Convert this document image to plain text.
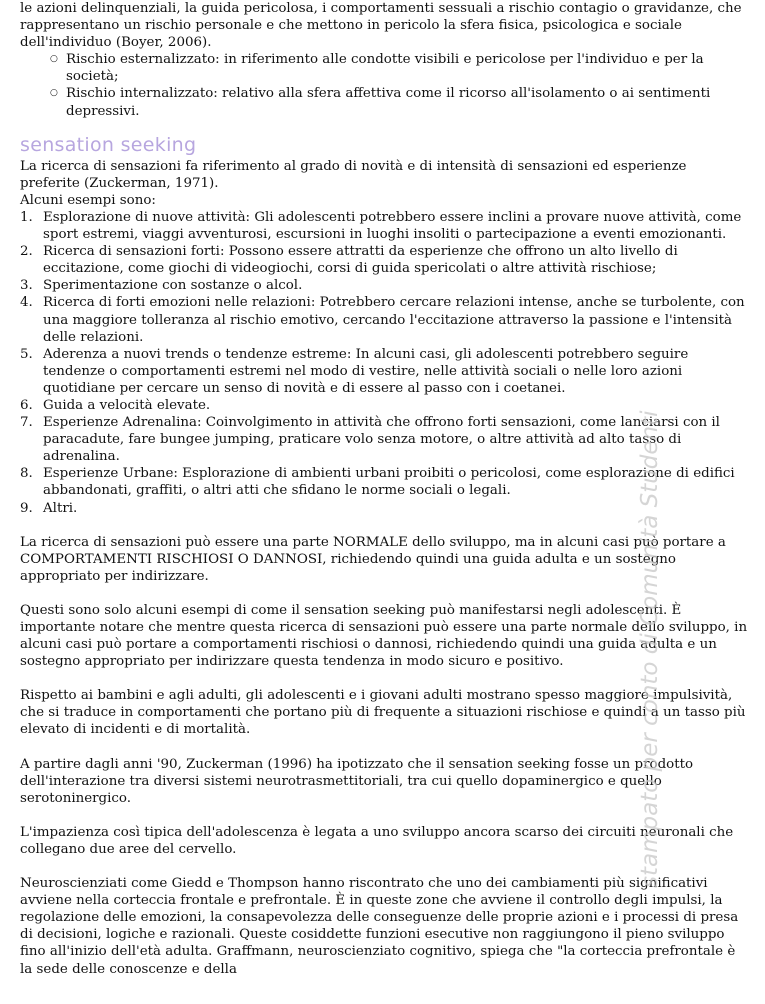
le azioni delinquenziali, la guida pericolosa, i comportamenti sessuali a rischio contagio o gravidanze, che rappresentano un rischio personale e che mettono in pericolo la sfera fisica, psicologica e sociale dell'individuo (Boyer, 2006).

○ Rischio esternalizzato: in riferimento alle condotte visibili e pericolose per l'individuo e per la società;
○ Rischio internalizzato: relativo alla sfera affettiva come il ricorso all'isolamento o ai sentimenti depressivi.
sensation seeking

La ricerca di sensazioni fa riferimento al grado di novità e di intensità di sensazioni ed esperienze preferite (Zuckerman, 1971).

Alcuni esempi sono:

1. Esplorazione di nuove attività: Gli adolescenti potrebbero essere inclini a provare nuove attività, come sport estremi, viaggi avventurosi, escursioni in luoghi insoliti o partecipazione a eventi emozionanti.
2. Ricerca di sensazioni forti: Possono essere attratti da esperienze che offrono un alto livello di eccitazione, come giochi di videogiochi, corsi di guida spericolati o altre attività rischiose;
3. Sperimentazione con sostanze o alcol.
4. Ricerca di forti emozioni nelle relazioni: Potrebbero cercare relazioni intense, anche se turbolente, con una maggiore tolleranza al rischio emotivo, cercando l'eccitazione attraverso la passione e l'intensità delle relazioni.
5. Aderenza a nuovi trends o tendenze estreme: In alcuni casi, gli adolescenti potrebbero seguire tendenze o comportamenti estremi nel modo di vestire, nelle attività sociali o nelle loro azioni quotidiane per cercare un senso di novità e di essere al passo con i coetanei.
6. Guida a velocità elevate.
7. Esperienze Adrenalina: Coinvolgimento in attività che offrono forti sensazioni, come lanciarsi con il paracadute, fare bungee jumping, praticare volo senza motore, o altre attività ad alto tasso di adrenalina.
8. Esperienze Urbane: Esplorazione di ambienti urbani proibiti o pericolosi, come esplorazione di edifici abbandonati, graffiti, o altri atti che sfidano le norme sociali o legali.
9. Altri.

La ricerca di sensazioni può essere una parte NORMALE dello sviluppo, ma in alcuni casi può portare a COMPORTAMENTI RISCHIOSI O DANNOSI, richiedendo quindi una guida adulta e un sostegno appropriato per indirizzare.

Questi sono solo alcuni esempi di come il sensation seeking può manifestarsi negli adolescenti. È importante notare che mentre questa ricerca di sensazioni può essere una parte normale dello sviluppo, in alcuni casi può portare a comportamenti rischiosi o dannosi, richiedendo quindi una guida adulta e un sostegno appropriato per indirizzare questa tendenza in modo sicuro e positivo.

Rispetto ai bambini e agli adulti, gli adolescenti e i giovani adulti mostrano spesso maggiore impulsività, che si traduce in comportamenti che portano più di frequente a situazioni rischiose e quindi a un tasso più elevato di incidenti e di mortalità.

A partire dagli anni '90, Zuckerman (1996) ha ipotizzato che il sensation seeking fosse un prodotto dell'interazione tra diversi sistemi neurotrasmettitoriali, tra cui quello dopaminergico e quello serotoninergico.

L'impazienza così tipica dell'adolescenza è legata a uno sviluppo ancora scarso dei circuiti neuronali che collegano due aree del cervello.

Neuroscienziati come Giedd e Thompson hanno riscontrato che uno dei cambiamenti più significativi avviene nella corteccia frontale e prefrontale. È in queste zone che avviene il controllo degli impulsi, la regolazione delle emozioni, la consapevolezza delle conseguenze delle proprie azioni e i processi di presa di decisioni, logiche e razionali. Queste cosiddette funzioni esecutive non raggiungono il pieno sviluppo fino all'inizio dell'età adulta. Graffmann, neuroscienziato cognitivo, spiega che "la corteccia prefrontale è la sede delle conoscenze e della

stampato per conto di Comunità Studenti
